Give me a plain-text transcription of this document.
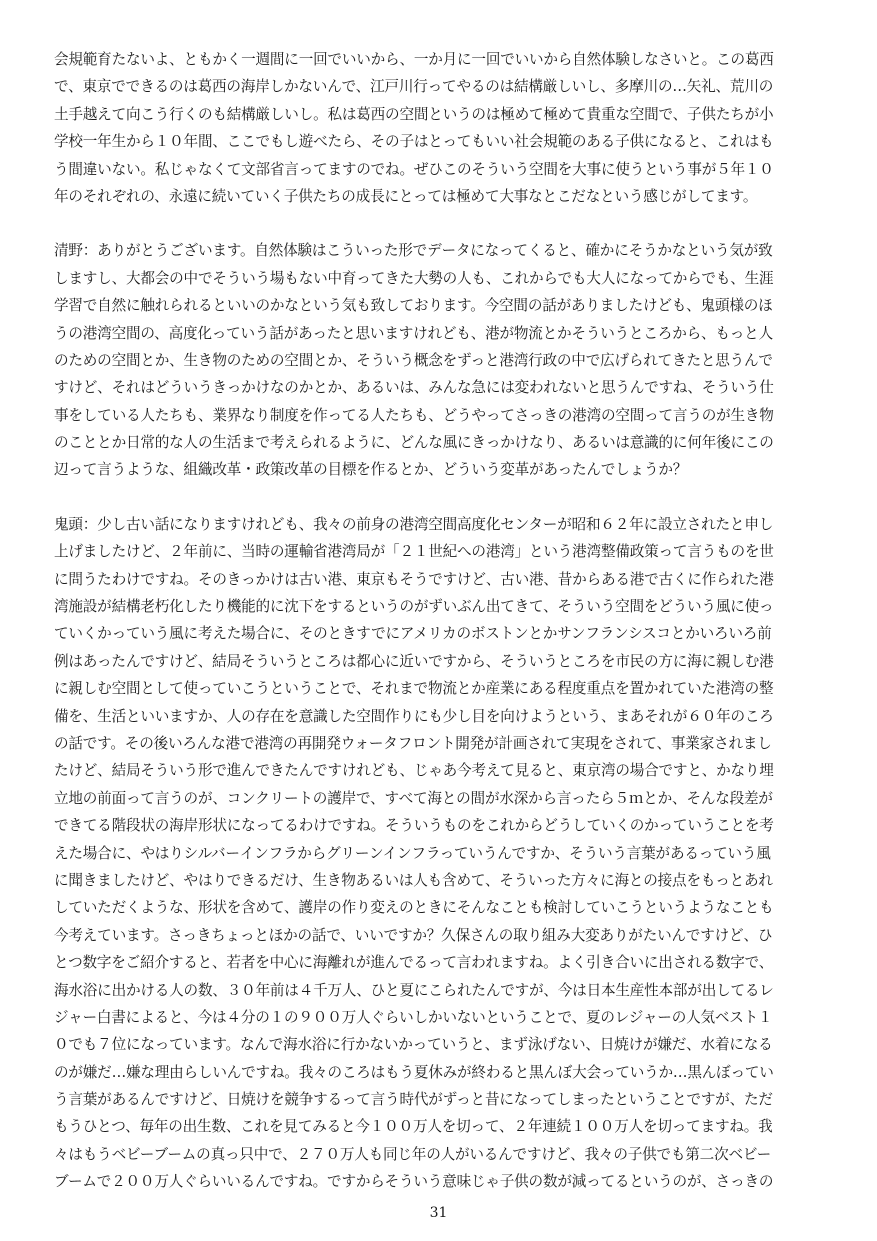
会規範育たないよ、ともかく一週間に一回でいいから、一か月に一回でいいから自然体験しなさいと。この葛西
で、東京でできるのは葛西の海岸しかないんで、江戸川行ってやるのは結構厳しいし、多摩川の…矢礼、荒川の
土手越えて向こう行くのも結構厳しいし。私は葛西の空間というのは極めて極めて貴重な空間で、子供たちが小
学校一年生から１０年間、ここでもし遊べたら、その子はとってもいい社会規範のある子供になると、これはも
う間違いない。私じゃなくて文部省言ってますのでね。ぜひこのそういう空間を大事に使うという事が５年１０
年のそれぞれの、永遠に続いていく子供たちの成長にとっては極めて大事なとこだなという感じがしてます。

清野：ありがとうございます。自然体験はこういった形でデータになってくると、確かにそうかなという気が致
しますし、大都会の中でそういう場もない中育ってきた大勢の人も、これからでも大人になってからでも、生涯
学習で自然に触れられるといいのかなという気も致しております。今空間の話がありましたけども、鬼頭様のほ
うの港湾空間の、高度化っていう話があったと思いますけれども、港が物流とかそういうところから、もっと人
のための空間とか、生き物のための空間とか、そういう概念をずっと港湾行政の中で広げられてきたと思うんで
すけど、それはどういうきっかけなのかとか、あるいは、みんな急には変われないと思うんですね、そういう仕
事をしている人たちも、業界なり制度を作ってる人たちも、どうやってさっきの港湾の空間って言うのが生き物
のこととか日常的な人の生活まで考えられるように、どんな風にきっかけなり、あるいは意識的に何年後にこの
辺って言うような、組織改革・政策改革の目標を作るとか、どういう変革があったんでしょうか？

鬼頭：少し古い話になりますけれども、我々の前身の港湾空間高度化センターが昭和６２年に設立されたと申し
上げましたけど、２年前に、当時の運輸省港湾局が「２１世紀への港湾」という港湾整備政策って言うものを世
に問うたわけですね。そのきっかけは古い港、東京もそうですけど、古い港、昔からある港で古くに作られた港
湾施設が結構老朽化したり機能的に沈下をするというのがずいぶん出てきて、そういう空間をどういう風に使っ
ていくかっていう風に考えた場合に、そのときすでにアメリカのボストンとかサンフランシスコとかいろいろ前
例はあったんですけど、結局そういうところは都心に近いですから、そういうところを市民の方に海に親しむ港
に親しむ空間として使っていこうということで、それまで物流とか産業にある程度重点を置かれていた港湾の整
備を、生活といいますか、人の存在を意識した空間作りにも少し目を向けようという、まあそれが６０年のころ
の話です。その後いろんな港で港湾の再開発ウォータフロント開発が計画されて実現をされて、事業家されまし
たけど、結局そういう形で進んできたんですけれども、じゃあ今考えて見ると、東京湾の場合ですと、かなり埋
立地の前面って言うのが、コンクリートの護岸で、すべて海との間が水深から言ったら５ｍとか、そんな段差が
できてる階段状の海岸形状になってるわけですね。そういうものをこれからどうしていくのかっていうことを考
えた場合に、やはりシルバーインフラからグリーンインフラっていうんですか、そういう言葉があるっていう風
に聞きましたけど、やはりできるだけ、生き物あるいは人も含めて、そういった方々に海との接点をもっとあれ
していただくような、形状を含めて、護岸の作り変えのときにそんなことも検討していこうというようなことも
今考えています。さっきちょっとほかの話で、いいですか？久保さんの取り組み大変ありがたいんですけど、ひ
とつ数字をご紹介すると、若者を中心に海離れが進んでるって言われますね。よく引き合いに出される数字で、
海水浴に出かける人の数、３０年前は４千万人、ひと夏にこられたんですが、今は日本生産性本部が出してるレ
ジャー白書によると、今は４分の１の９００万人ぐらいしかいないということで、夏のレジャーの人気ベスト１
０でも７位になっています。なんで海水浴に行かないかっていうと、まず泳げない、日焼けが嫌だ、水着になる
のが嫌だ…嫌な理由らしいんですね。我々のころはもう夏休みが終わると黒んぼ大会っていうか…黒んぼってい
う言葉があるんですけど、日焼けを競争するって言う時代がずっと昔になってしまったということですが、ただ
もうひとつ、毎年の出生数、これを見てみると今１００万人を切って、２年連続１００万人を切ってますね。我
々はもうベビーブームの真っ只中で、２７０万人も同じ年の人がいるんですけど、我々の子供でも第二次ベビー
ブームで２００万人ぐらいいるんですね。ですからそういう意味じゃ子供の数が減ってるというのが、さっきの

31
